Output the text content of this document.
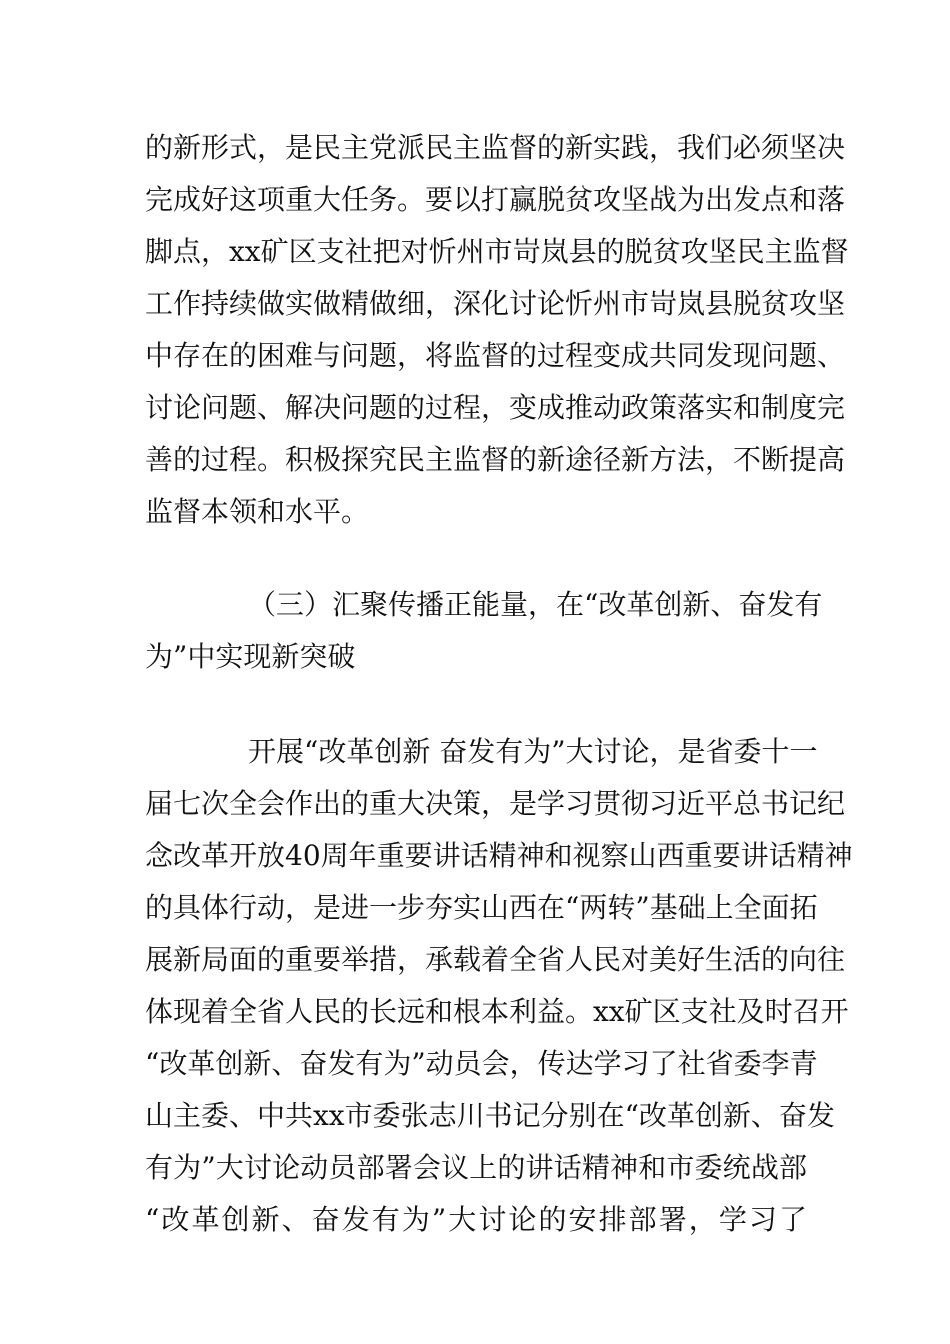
的新形式，是民主党派民主监督的新实践，我们必须坚决
完成好这项重大任务。要以打赢脱贫攻坚战为出发点和落
脚点，xx矿区支社把对忻州市岢岚县的脱贫攻坚民主监督
工作持续做实做精做细，深化讨论忻州市岢岚县脱贫攻坚
中存在的困难与问题，将监督的过程变成共同发现问题、
讨论问题、解决问题的过程，变成推动政策落实和制度完
善的过程。积极探究民主监督的新途径新方法，不断提高
监督本领和水平。
（三）汇聚传播正能量，在“改革创新、奋发有
为”中实现新突破
开展“改革创新 奋发有为”大讨论，是省委十一
届七次全会作出的重大决策，是学习贯彻习近平总书记纪
念改革开放40周年重要讲话精神和视察山西重要讲话精神
的具体行动，是进一步夯实山西在“两转”基础上全面拓
展新局面的重要举措，承载着全省人民对美好生活的向往
体现着全省人民的长远和根本利益。xx矿区支社及时召开
“改革创新、奋发有为”动员会，传达学习了社省委李青
山主委、中共xx市委张志川书记分别在“改革创新、奋发
有为”大讨论动员部署会议上的讲话精神和市委统战部
“改革创新、奋发有为”大讨论的安排部署，学习了
